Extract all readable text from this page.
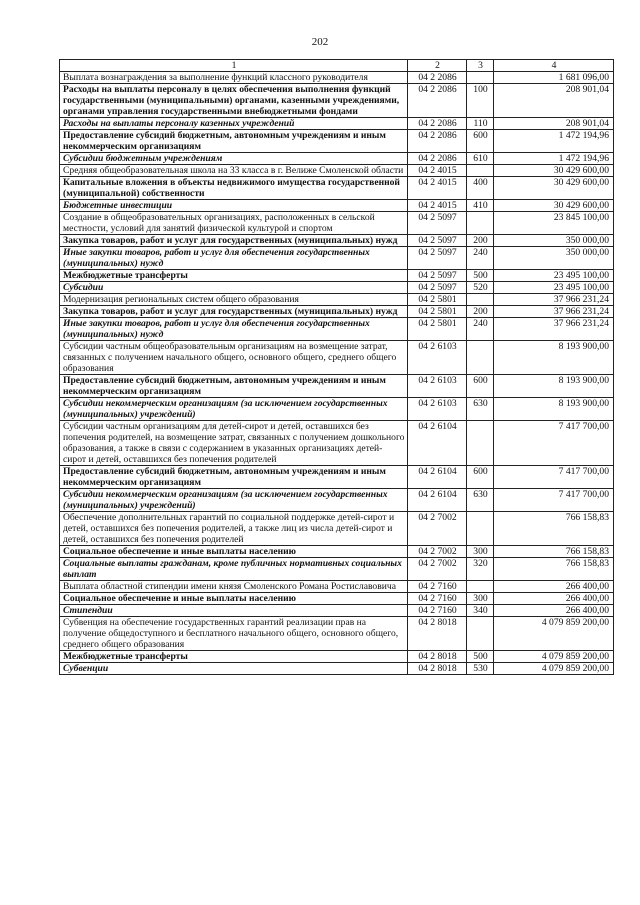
202
1	2	3	4
Выплата вознаграждения за выполнение функций классного руководителя	04 2 2086		1 681 096,00
Расходы на выплаты персоналу в целях обеспечения выполнения функций государственными (муниципальными) органами, казенными учреждениями, органами управления государственными внебюджетными фондами	04 2 2086	100	208 901,04
Расходы на выплаты персоналу казенных учреждений	04 2 2086	110	208 901,04
Предоставление субсидий бюджетным, автономным учреждениям и иным некоммерческим организациям	04 2 2086	600	1 472 194,96
Субсидии бюджетным учреждениям	04 2 2086	610	1 472 194,96
Средняя общеобразовательная школа на 33 класса в г. Велиже Смоленской области	04 2 4015		30 429 600,00
Капитальные вложения в объекты недвижимого имущества государственной (муниципальной) собственности	04 2 4015	400	30 429 600,00
Бюджетные инвестиции	04 2 4015	410	30 429 600,00
Создание в общеобразовательных организациях, расположенных в сельской местности, условий для занятий физической культурой и спортом	04 2 5097		23 845 100,00
Закупка товаров, работ и услуг для государственных (муниципальных) нужд	04 2 5097	200	350 000,00
Иные закупки товаров, работ и услуг для обеспечения государственных (муниципальных) нужд	04 2 5097	240	350 000,00
Межбюджетные трансферты	04 2 5097	500	23 495 100,00
Субсидии	04 2 5097	520	23 495 100,00
Модернизация региональных систем общего образования	04 2 5801		37 966 231,24
Закупка товаров, работ и услуг для государственных (муниципальных) нужд	04 2 5801	200	37 966 231,24
Иные закупки товаров, работ и услуг для обеспечения государственных (муниципальных) нужд	04 2 5801	240	37 966 231,24
Субсидии частным общеобразовательным организациям на возмещение затрат, связанных с получением начального общего, основного общего, среднего общего образования	04 2 6103		8 193 900,00
Предоставление субсидий бюджетным, автономным учреждениям и иным некоммерческим организациям	04 2 6103	600	8 193 900,00
Субсидии некоммерческим организациям (за исключением государственных (муниципальных) учреждений)	04 2 6103	630	8 193 900,00
Субсидии частным организациям для детей-сирот и детей, оставшихся без попечения родителей, на возмещение затрат, связанных с получением дошкольного образования, а также в связи с содержанием в указанных организациях детей-сирот и детей, оставшихся без попечения родителей	04 2 6104		7 417 700,00
Предоставление субсидий бюджетным, автономным учреждениям и иным некоммерческим организациям	04 2 6104	600	7 417 700,00
Субсидии некоммерческим организациям (за исключением государственных (муниципальных) учреждений)	04 2 6104	630	7 417 700,00
Обеспечение дополнительных гарантий по социальной поддержке детей-сирот и детей, оставшихся без попечения родителей, а также лиц из числа детей-сирот и детей, оставшихся без попечения родителей	04 2 7002		766 158,83
Социальное обеспечение и иные выплаты населению	04 2 7002	300	766 158,83
Социальные выплаты гражданам, кроме публичных нормативных социальных выплат	04 2 7002	320	766 158,83
Выплата областной стипендии имени князя Смоленского Романа Ростиславовича	04 2 7160		266 400,00
Социальное обеспечение и иные выплаты населению	04 2 7160	300	266 400,00
Стипендии	04 2 7160	340	266 400,00
Субвенция на обеспечение государственных гарантий реализации прав на получение общедоступного и бесплатного начального общего, основного общего, среднего общего образования	04 2 8018		4 079 859 200,00
Межбюджетные трансферты	04 2 8018	500	4 079 859 200,00
Субвенции	04 2 8018	530	4 079 859 200,00
